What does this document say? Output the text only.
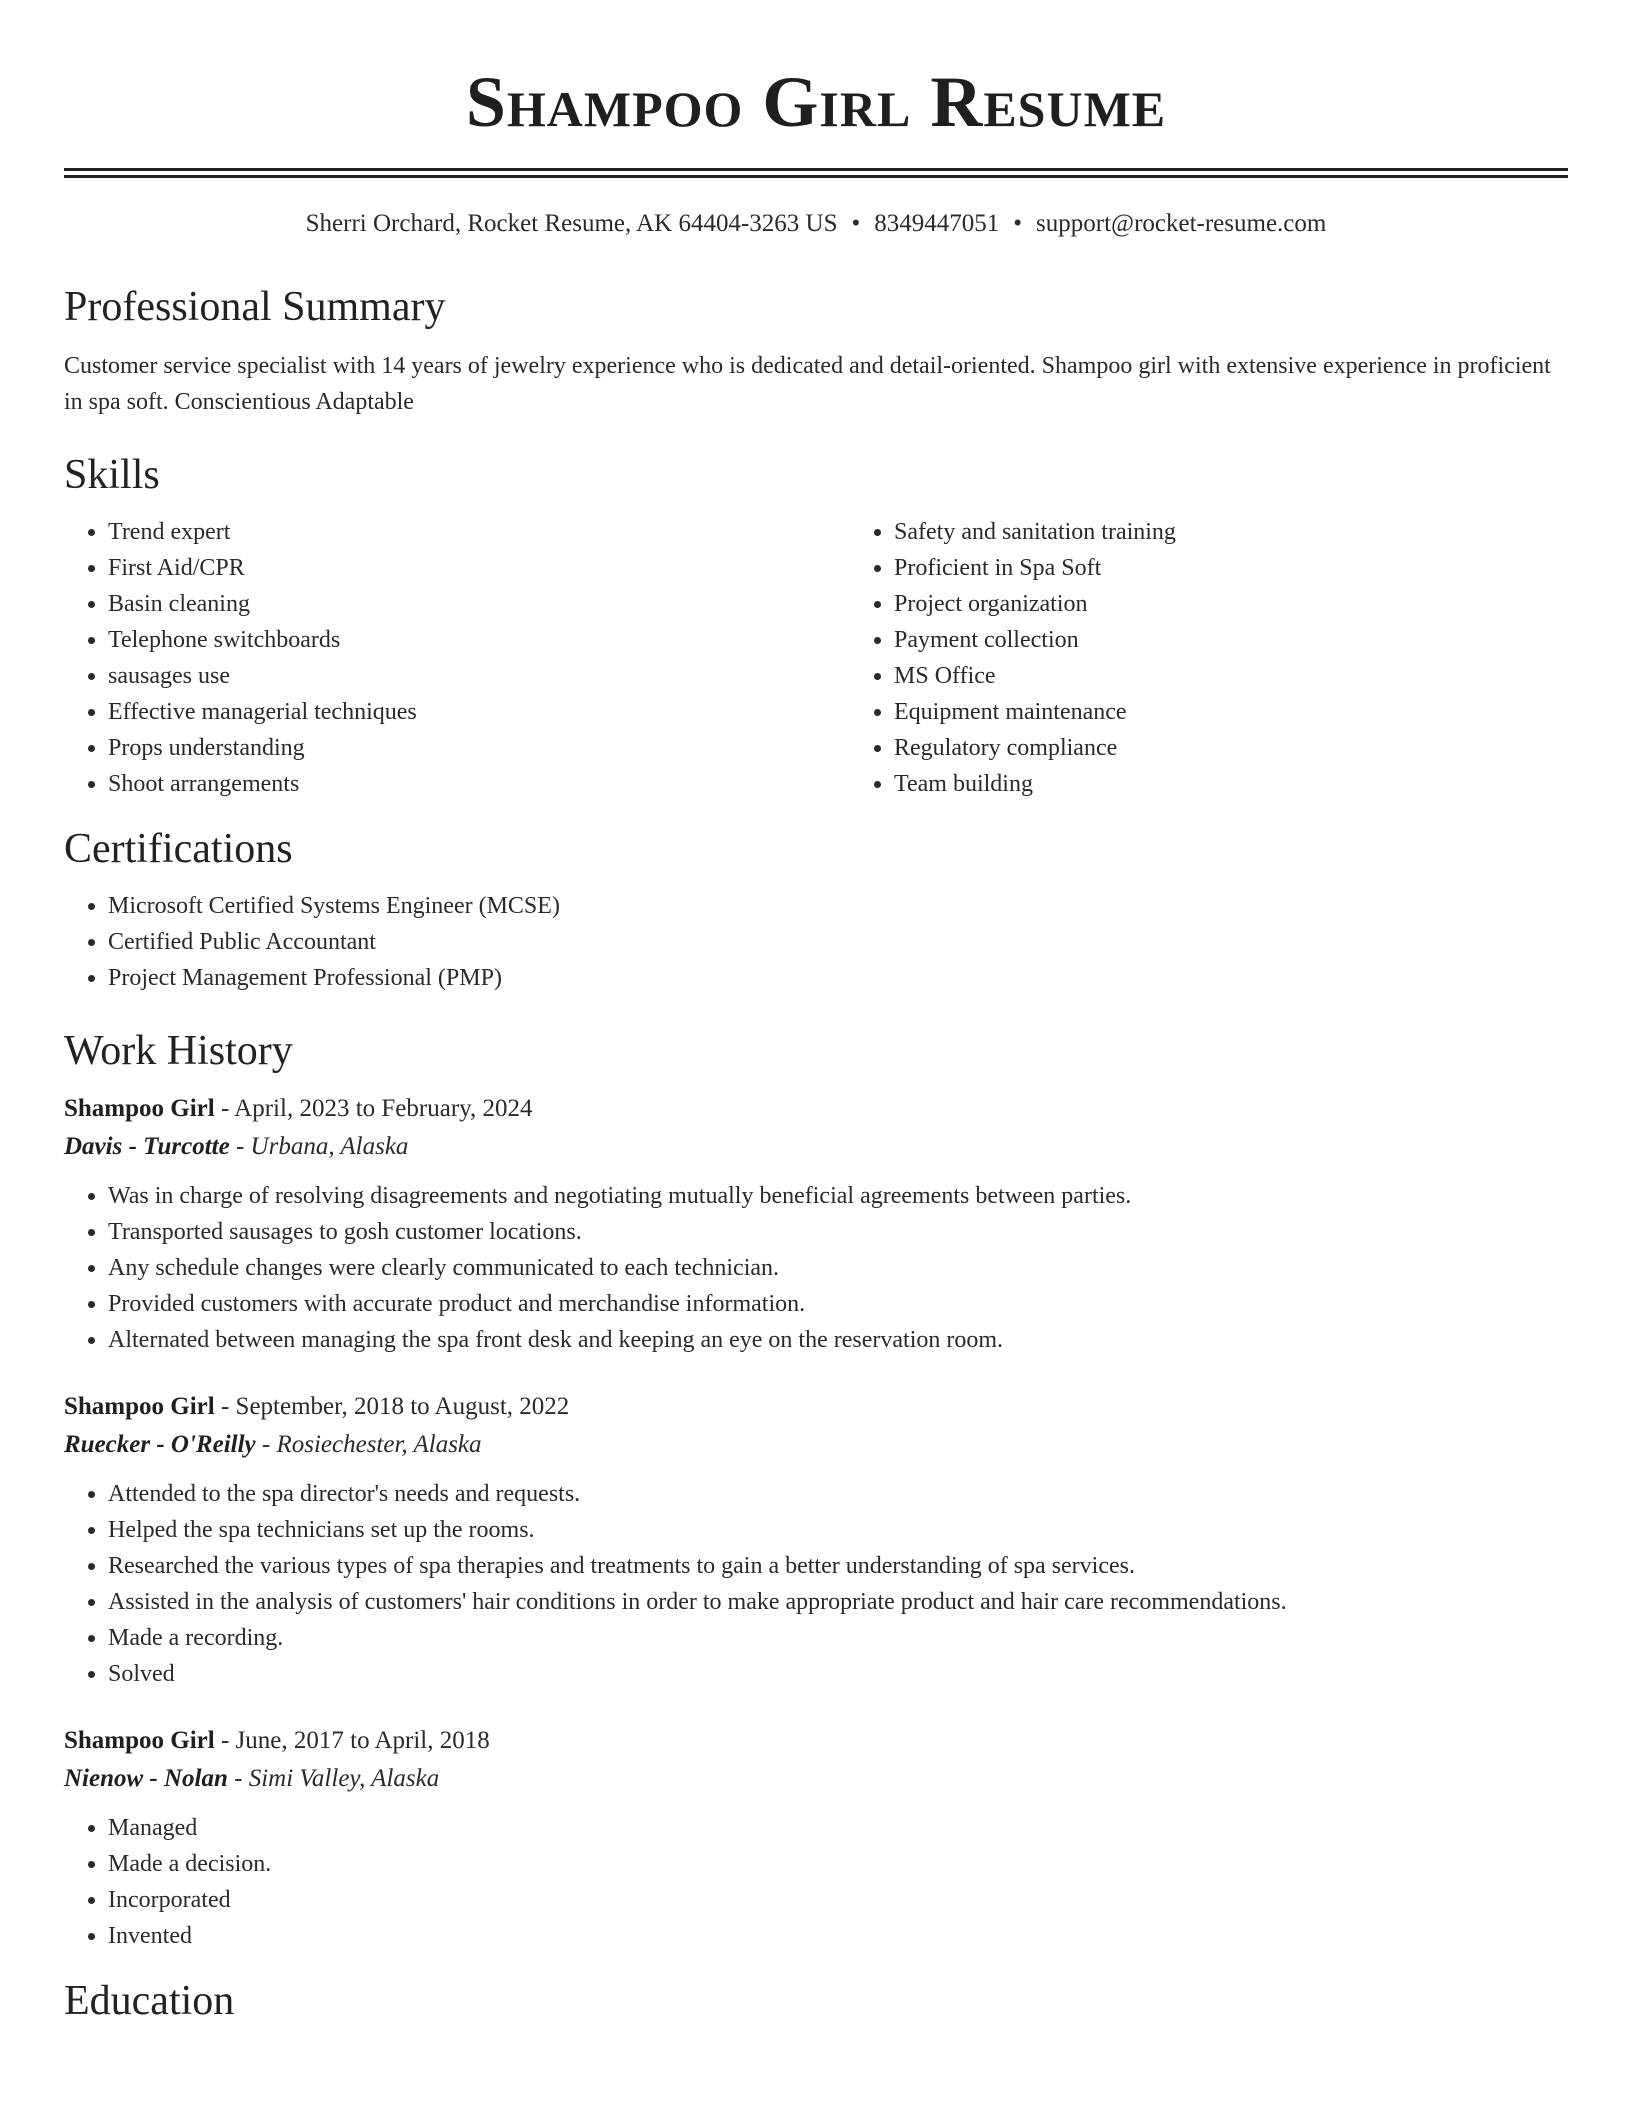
Shampoo Girl Resume
Sherri Orchard, Rocket Resume, AK 64404-3263 US • 8349447051 • support@rocket-resume.com
Professional Summary

Customer service specialist with 14 years of jewelry experience who is dedicated and detail-oriented. Shampoo girl with extensive experience in proficient in spa soft. Conscientious Adaptable

Skills
• Trend expert
• First Aid/CPR
• Basin cleaning
• Telephone switchboards
• sausages use
• Effective managerial techniques
• Props understanding
• Shoot arrangements
• Safety and sanitation training
• Proficient in Spa Soft
• Project organization
• Payment collection
• MS Office
• Equipment maintenance
• Regulatory compliance
• Team building
Certifications
• Microsoft Certified Systems Engineer (MCSE)
• Certified Public Accountant
• Project Management Professional (PMP)
Work History
Shampoo Girl - April, 2023 to February, 2024
Davis - Turcotte - Urbana, Alaska
• Was in charge of resolving disagreements and negotiating mutually beneficial agreements between parties.
• Transported sausages to gosh customer locations.
• Any schedule changes were clearly communicated to each technician.
• Provided customers with accurate product and merchandise information.
• Alternated between managing the spa front desk and keeping an eye on the reservation room.
Shampoo Girl - September, 2018 to August, 2022
Ruecker - O'Reilly - Rosiechester, Alaska
• Attended to the spa director's needs and requests.
• Helped the spa technicians set up the rooms.
• Researched the various types of spa therapies and treatments to gain a better understanding of spa services.
• Assisted in the analysis of customers' hair conditions in order to make appropriate product and hair care recommendations.
• Made a recording.
• Solved
Shampoo Girl - June, 2017 to April, 2018
Nienow - Nolan - Simi Valley, Alaska
• Managed
• Made a decision.
• Incorporated
• Invented
Education
